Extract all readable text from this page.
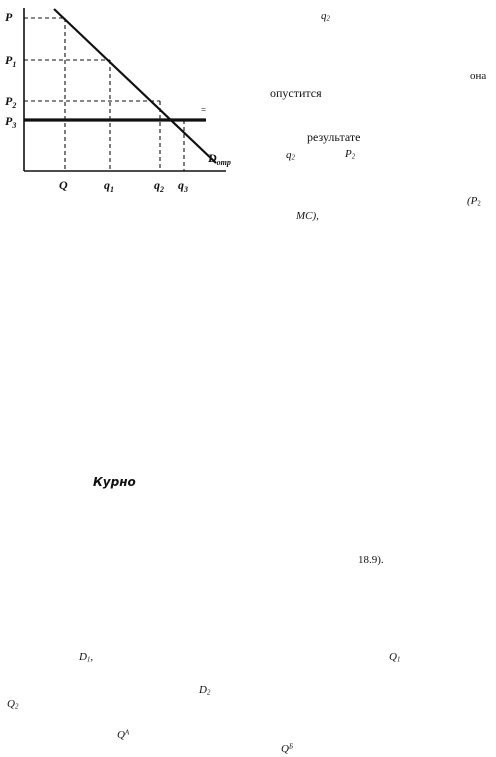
=
P
$P_1$
$P_2$
$P_3$
Q	$q_1$	$q_2$ $q_3$
$D_{отр}$
$q_2$
она
опустится
результате
$q_2$	$P_2$
($P_2$
MC),
Курно
18.9).
$D_1$,	$Q_1$
$D_2$
$Q_2$
$Q^A$
$Q^Б$
